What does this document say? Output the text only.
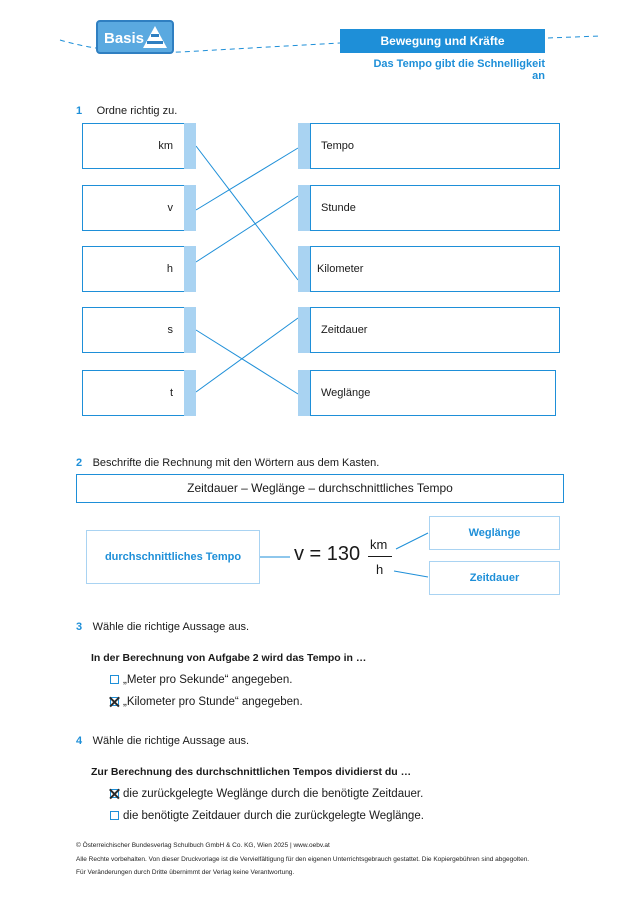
Basis	Bewegung und Kräfte
Das Tempo gibt die Schnelligkeit an
1 Ordne richtig zu.
km
v
h
s
t
Tempo
Stunde
Kilometer
Zeitdauer
Weglänge
2 Beschrifte die Rechnung mit den Wörtern aus dem Kasten.
Zeitdauer – Weglänge – durchschnittliches Tempo
durchschnittliches Tempo	v = 130 km
h
Weglänge
Zeitdauer
3 Wähle die richtige Aussage aus.
In der Berechnung von Aufgabe 2 wird das Tempo in …
„Meter pro Sekunde“ angegeben.
„Kilometer pro Stunde“ angegeben.
4 Wähle die richtige Aussage aus.
Zur Berechnung des durchschnittlichen Tempos dividierst du …
die zurückgelegte Weglänge durch die benötigte Zeitdauer.
die benötigte Zeitdauer durch die zurückgelegte Weglänge.
© Österreichischer Bundesverlag Schulbuch GmbH & Co. KG, Wien 2025 | www.oebv.at
Alle Rechte vorbehalten. Von dieser Druckvorlage ist die Vervielfältigung für den eigenen Unterrichtsgebrauch gestattet. Die Kopiergebühren sind abgegolten.
Für Veränderungen durch Dritte übernimmt der Verlag keine Verantwortung.
